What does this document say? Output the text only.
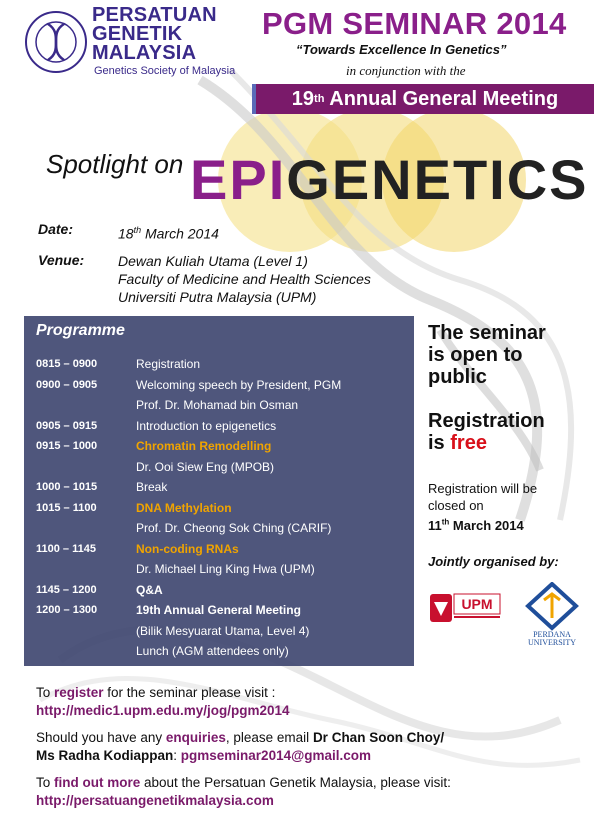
PERSATUAN
GENETIK
MALAYSIA
Genetics Society of Malaysia
PGM SEMINAR 2014
“Towards Excellence In Genetics”
in conjunction with the
19 th Annual General Meeting
Spotlight on EPIGENETICS
Date:	18th March 2014
Venue: Dewan Kuliah Utama (Level 1)
Faculty of Medicine and Health Sciences
Universiti Putra Malaysia (UPM)
Programme
0815 – 0900	Registration
0900 – 0905	Welcoming speech by President, PGM
Prof. Dr. Mohamad bin Osman
0905 – 0915	Introduction to epigenetics
0915 – 1000	Chromatin Remodelling
Dr. Ooi Siew Eng (MPOB)
1000 – 1015	Break
1015 – 1100	DNA Methylation
Prof. Dr. Cheong Sok Ching (CARIF)
1100 – 1145	Non-coding RNAs
Dr. Michael Ling King Hwa (UPM)
1145 – 1200	Q&A
1200 – 1300	19th Annual General Meeting
(Bilik Mesyuarat Utama, Level 4)
Lunch (AGM attendees only)
The seminar
is open to
public
Registration
is free
Registration will be
closed on
11th March 2014
Jointly organised by:
UPM
PERDANA
UNIVERSITY
To register for the seminar please visit :
http://medic1.upm.edu.my/jog/pgm2014
Should you have any enquiries, please email Dr Chan Soon Choy/
Ms Radha Kodiappan: pgmseminar2014@gmail.com
To find out more about the Persatuan Genetik Malaysia, please visit:
http://persatuangenetikmalaysia.com
